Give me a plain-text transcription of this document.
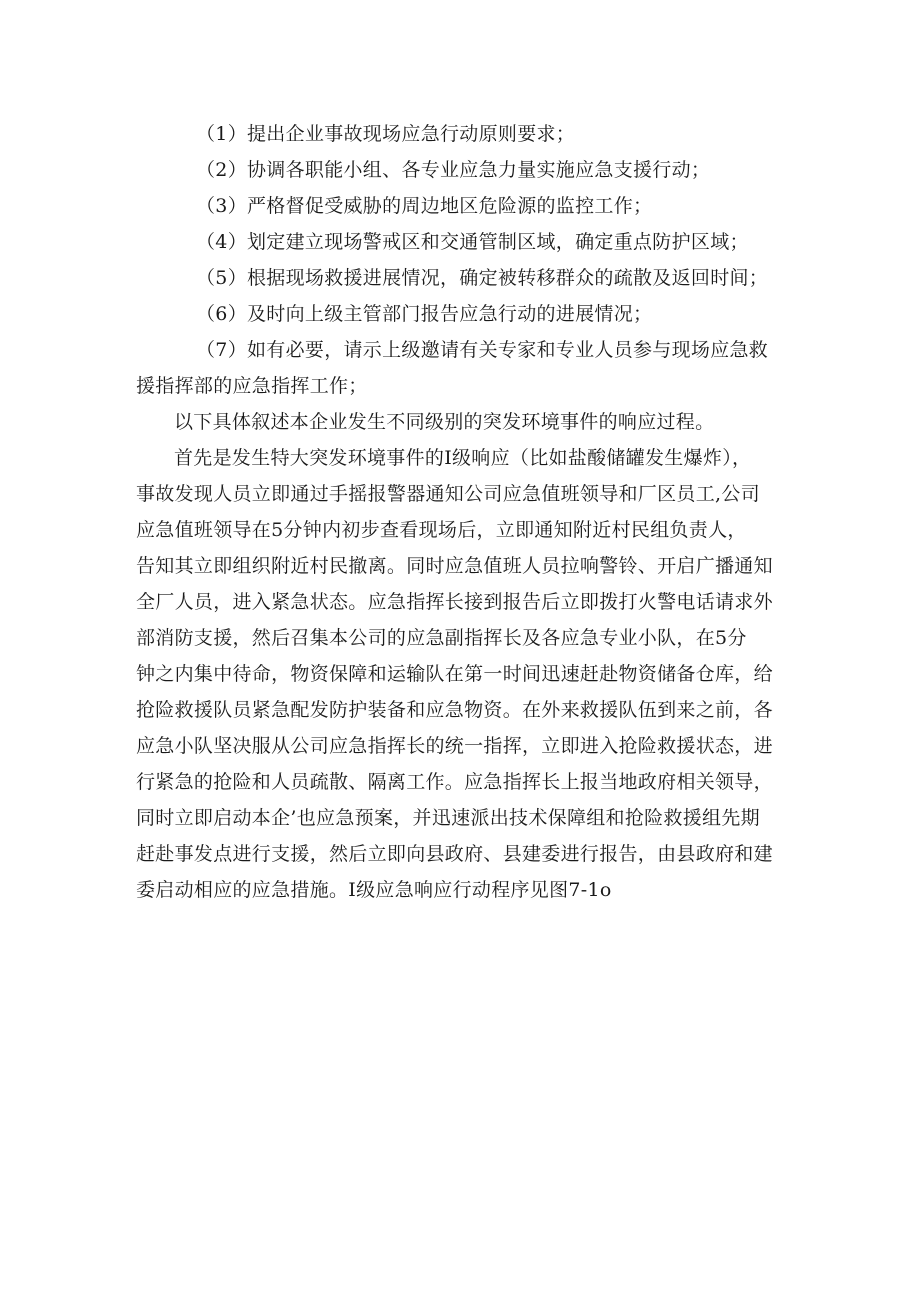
（1）提出企业事故现场应急行动原则要求；
（2）协调各职能小组、各专业应急力量实施应急支援行动；
（3）严格督促受威胁的周边地区危险源的监控工作；
（4）划定建立现场警戒区和交通管制区域，确定重点防护区域；
（5）根据现场救援进展情况，确定被转移群众的疏散及返回时间；
（6）及时向上级主管部门报告应急行动的进展情况；
（7）如有必要，请示上级邀请有关专家和专业人员参与现场应急救
援指挥部的应急指挥工作；
以下具体叙述本企业发生不同级别的突发环境事件的响应过程。
首先是发生特大突发环境事件的Ⅰ级响应（比如盐酸储罐发生爆炸），
事故发现人员立即通过手摇报警器通知公司应急值班领导和厂区员工,公司
应急值班领导在5分钟内初步查看现场后，立即通知附近村民组负责人，
告知其立即组织附近村民撤离。同时应急值班人员拉响警铃、开启广播通知
全厂人员，进入紧急状态。应急指挥长接到报告后立即拨打火警电话请求外
部消防支援，然后召集本公司的应急副指挥长及各应急专业小队，在5分
钟之内集中待命，物资保障和运输队在第一时间迅速赶赴物资储备仓库，给
抢险救援队员紧急配发防护装备和应急物资。在外来救援队伍到来之前，各
应急小队坚决服从公司应急指挥长的统一指挥，立即进入抢险救援状态，进
行紧急的抢险和人员疏散、隔离工作。应急指挥长上报当地政府相关领导，
同时立即启动本企’也应急预案，并迅速派出技术保障组和抢险救援组先期
赶赴事发点进行支援，然后立即向县政府、县建委进行报告，由县政府和建
委启动相应的应急措施。Ⅰ级应急响应行动程序见图7-1o
